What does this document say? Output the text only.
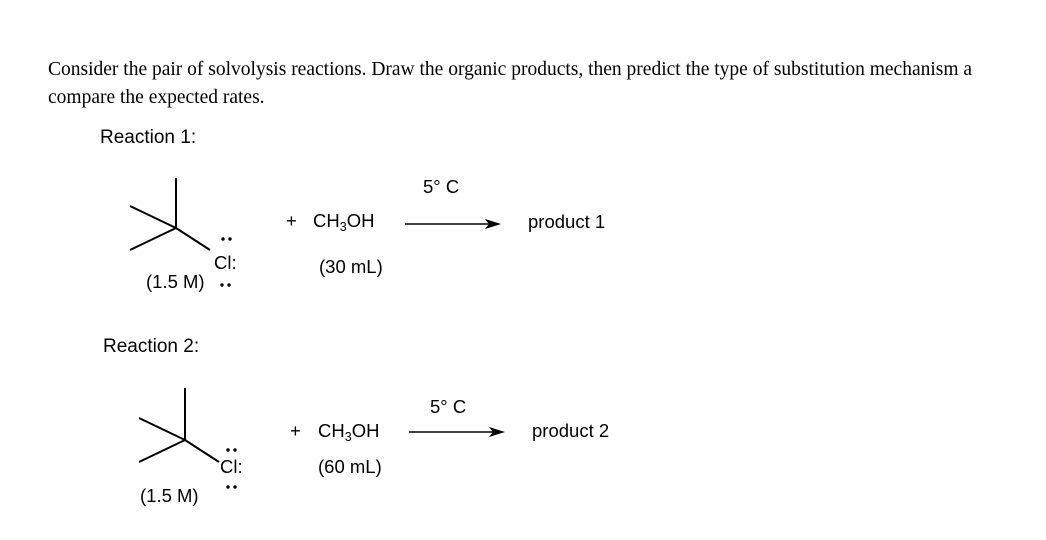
Consider the pair of solvolysis reactions. Draw the organic products, then predict the type of substitution mechanism a
compare the expected rates.
Reaction 1:
Cl:
(1.5 M)
+ $CH_3OH$
(30 mL)
5° C
product 1
Reaction 2:
Cl:
(1.5 M)
+ $CH_3OH$
(60 mL)
5° C
product 2
